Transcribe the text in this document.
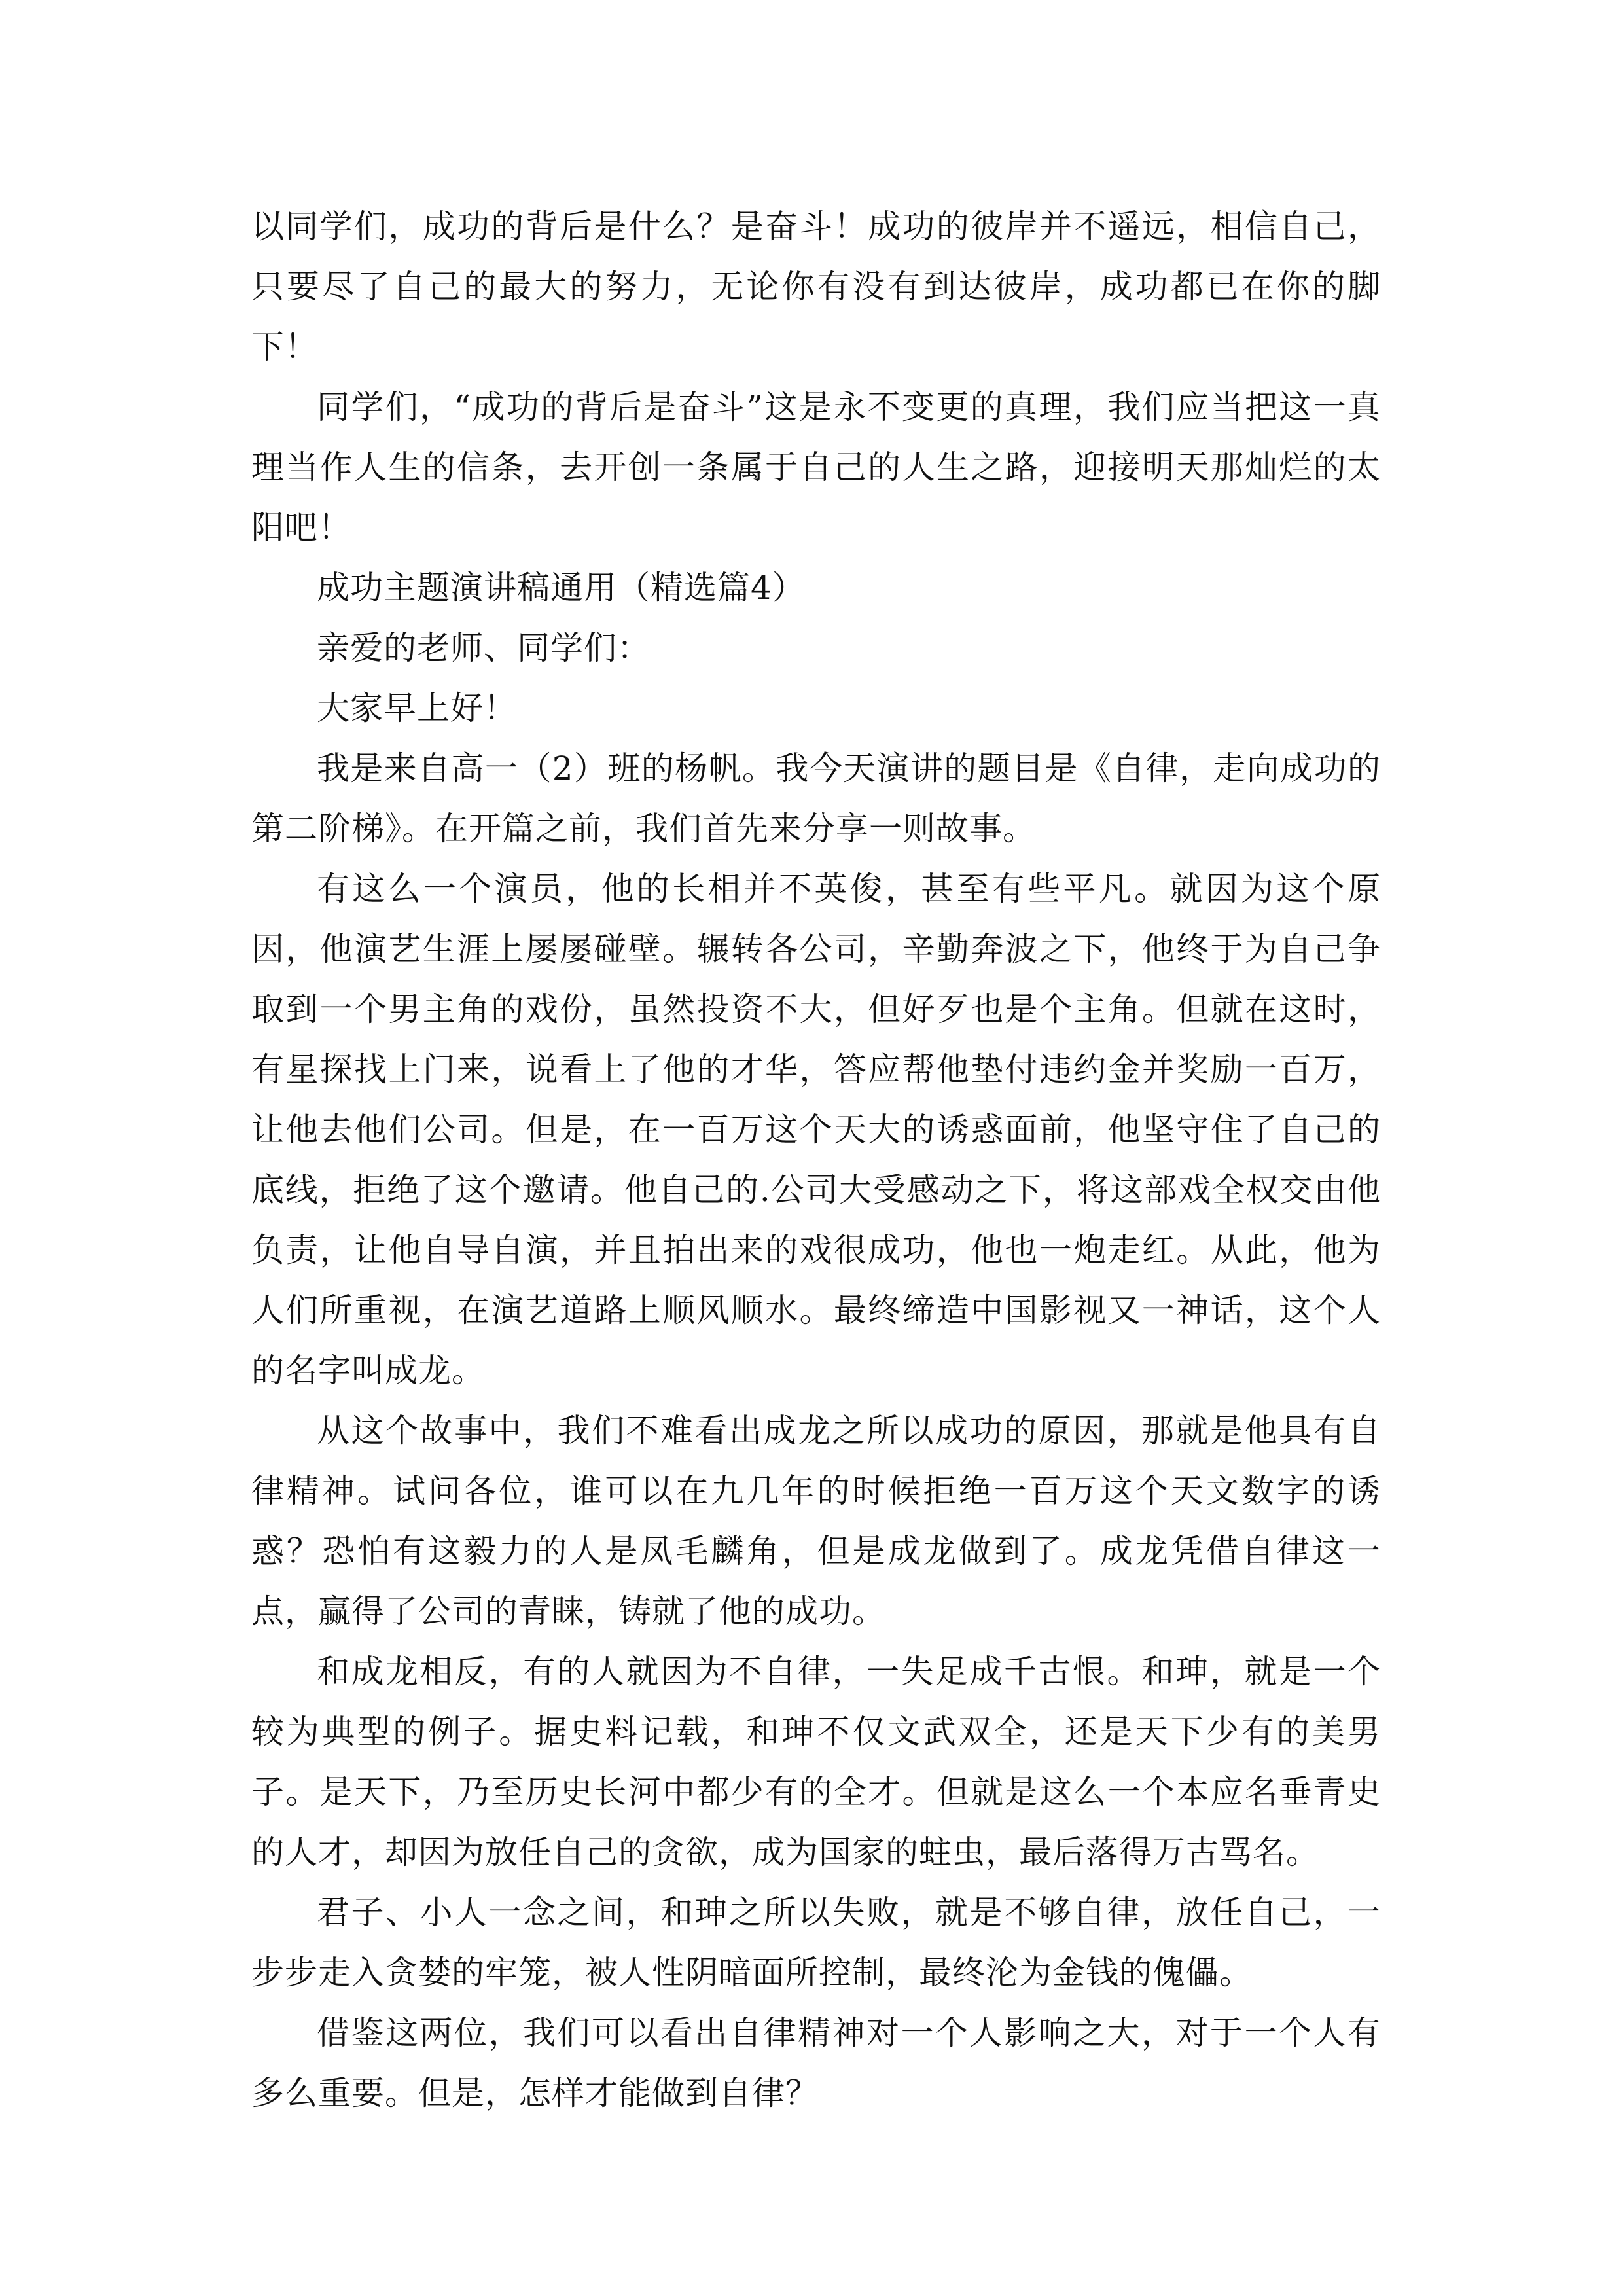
以同学们，成功的背后是什么？是奋斗！成功的彼岸并不遥远，相信自己，只要尽了自己的最大的努力，无论你有没有到达彼岸，成功都已在你的脚下！

同学们，“成功的背后是奋斗”这是永不变更的真理，我们应当把这一真理当作人生的信条，去开创一条属于自己的人生之路，迎接明天那灿烂的太阳吧！

成功主题演讲稿通用（精选篇4）

亲爱的老师、同学们：

大家早上好！

我是来自高一（2）班的杨帆。我今天演讲的题目是《自律，走向成功的第二阶梯》。在开篇之前，我们首先来分享一则故事。

有这么一个演员，他的长相并不英俊，甚至有些平凡。就因为这个原因，他演艺生涯上屡屡碰壁。辗转各公司，辛勤奔波之下，他终于为自己争取到一个男主角的戏份，虽然投资不大，但好歹也是个主角。但就在这时，有星探找上门来，说看上了他的才华，答应帮他垫付违约金并奖励一百万，让他去他们公司。但是，在一百万这个天大的诱惑面前，他坚守住了自己的底线，拒绝了这个邀请。他自己的.公司大受感动之下，将这部戏全权交由他负责，让他自导自演，并且拍出来的戏很成功，他也一炮走红。从此，他为人们所重视，在演艺道路上顺风顺水。最终缔造中国影视又一神话，这个人的名字叫成龙。

从这个故事中，我们不难看出成龙之所以成功的原因，那就是他具有自律精神。试问各位，谁可以在九几年的时候拒绝一百万这个天文数字的诱惑？恐怕有这毅力的人是凤毛麟角，但是成龙做到了。成龙凭借自律这一点，赢得了公司的青睐，铸就了他的成功。

和成龙相反，有的人就因为不自律，一失足成千古恨。和珅，就是一个较为典型的例子。据史料记载，和珅不仅文武双全，还是天下少有的美男子。是天下，乃至历史长河中都少有的全才。但就是这么一个本应名垂青史的人才，却因为放任自己的贪欲，成为国家的蛀虫，最后落得万古骂名。

君子、小人一念之间，和珅之所以失败，就是不够自律，放任自己，一步步走入贪婪的牢笼，被人性阴暗面所控制，最终沦为金钱的傀儡。

借鉴这两位，我们可以看出自律精神对一个人影响之大，对于一个人有多么重要。但是，怎样才能做到自律？
